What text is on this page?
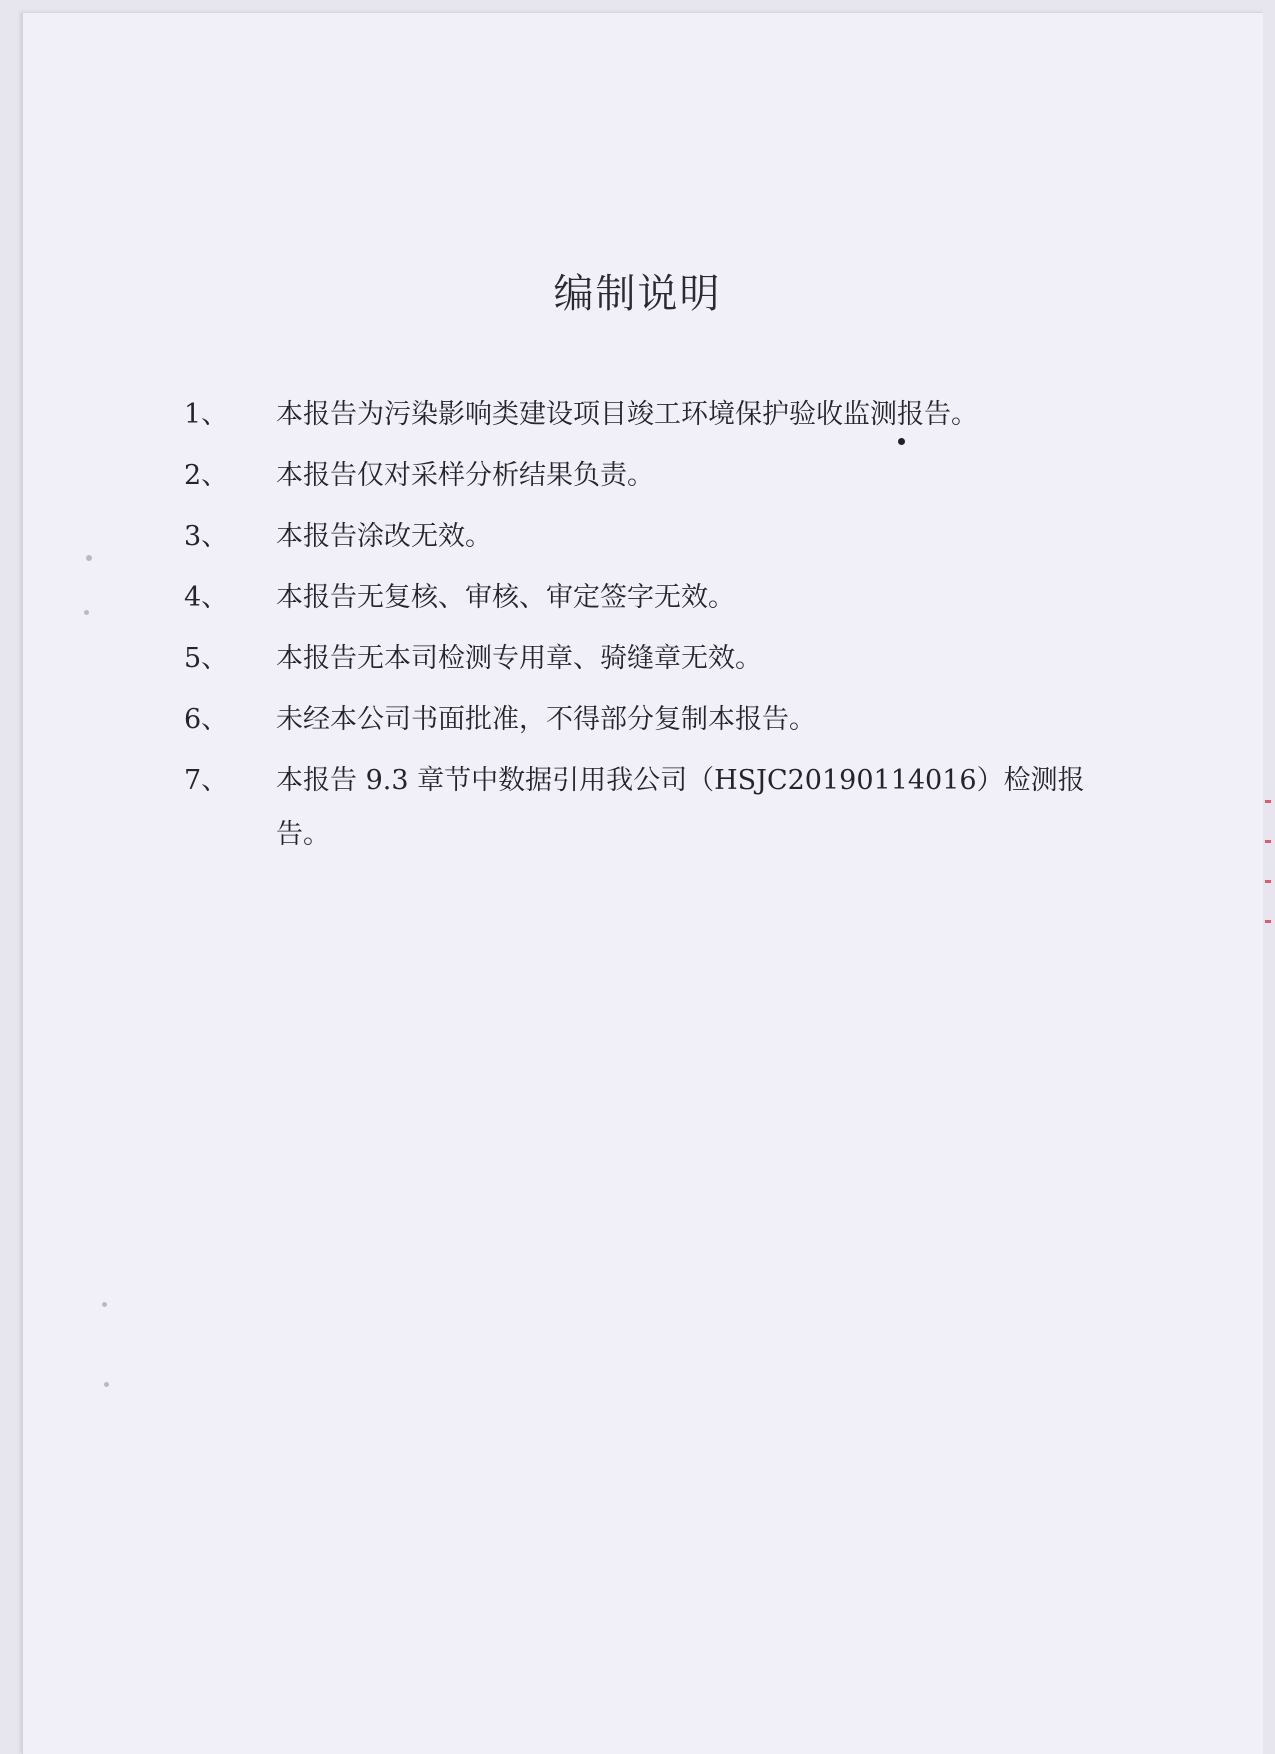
编制说明
1、	本报告为污染影响类建设项目竣工环境保护验收监测报告。
2、	本报告仅对采样分析结果负责。
3、	本报告涂改无效。
4、	本报告无复核、审核、审定签字无效。
5、	本报告无本司检测专用章、骑缝章无效。
6、	未经本公司书面批准，不得部分复制本报告。
7、	本报告 9.3 章节中数据引用我公司（HSJC20190114016）检测报告。
